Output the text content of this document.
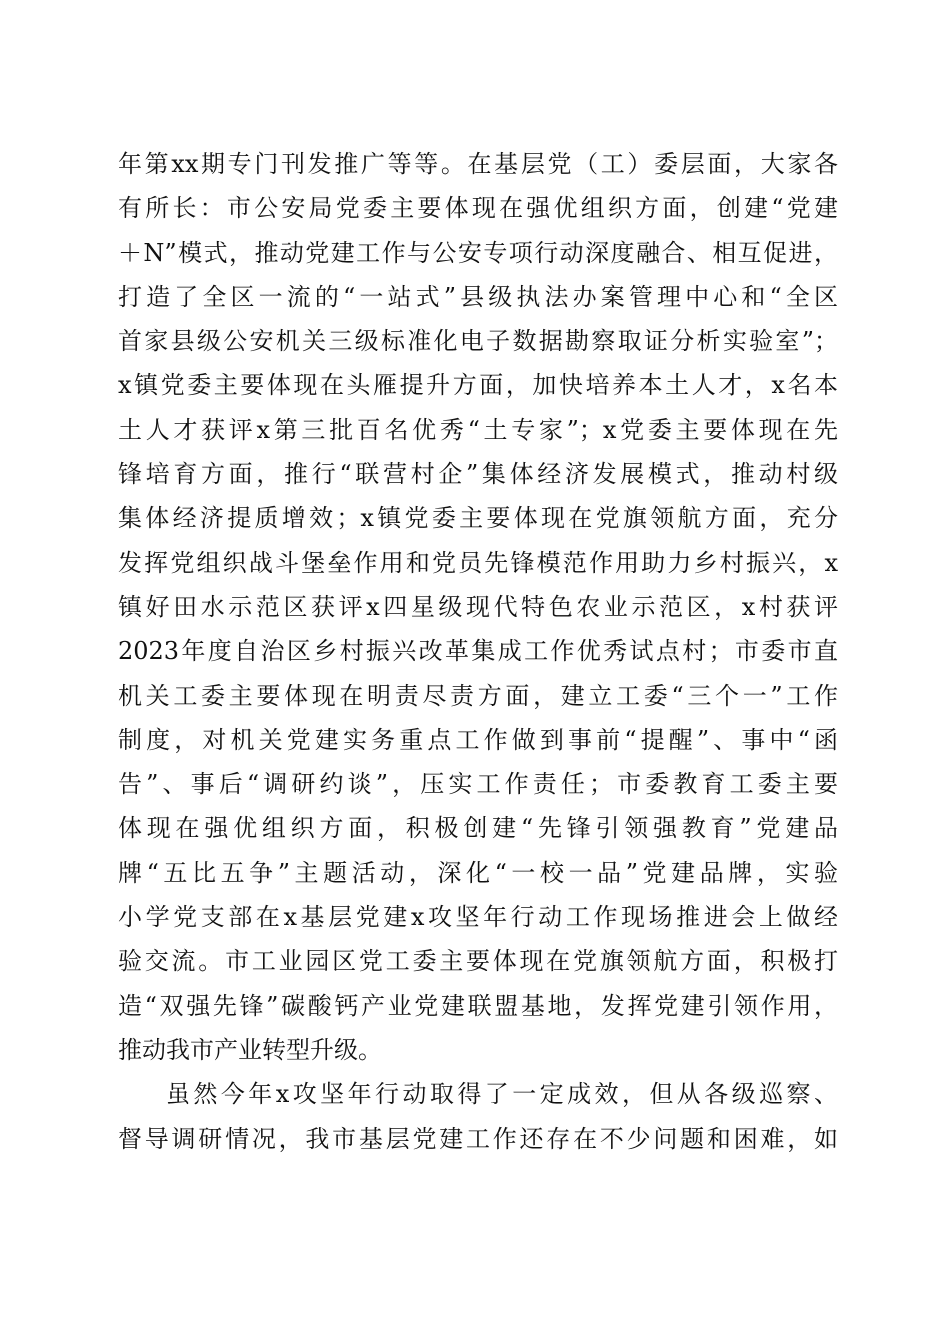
年第xx期专门刊发推广等等。在基层党（工）委层面，大家各
有所长：市公安局党委主要体现在强优组织方面，创建“党建
＋N”模式，推动党建工作与公安专项行动深度融合、相互促进，
打造了全区一流的“一站式”县级执法办案管理中心和“全区
首家县级公安机关三级标准化电子数据勘察取证分析实验室”；
x镇党委主要体现在头雁提升方面，加快培养本土人才，x名本
土人才获评x第三批百名优秀“土专家”；x党委主要体现在先
锋培育方面，推行“联营村企”集体经济发展模式，推动村级
集体经济提质增效；x镇党委主要体现在党旗领航方面，充分
发挥党组织战斗堡垒作用和党员先锋模范作用助力乡村振兴，x
镇好田水示范区获评x四星级现代特色农业示范区，x村获评
2023年度自治区乡村振兴改革集成工作优秀试点村；市委市直
机关工委主要体现在明责尽责方面，建立工委“三个一”工作
制度，对机关党建实务重点工作做到事前“提醒”、事中“函
告”、事后“调研约谈”，压实工作责任；市委教育工委主要
体现在强优组织方面，积极创建“先锋引领强教育”党建品
牌“五比五争”主题活动，深化“一校一品”党建品牌，实验
小学党支部在x基层党建x攻坚年行动工作现场推进会上做经
验交流。市工业园区党工委主要体现在党旗领航方面，积极打
造“双强先锋”碳酸钙产业党建联盟基地，发挥党建引领作用，
推动我市产业转型升级。
虽然今年x攻坚年行动取得了一定成效，但从各级巡察、
督导调研情况，我市基层党建工作还存在不少问题和困难，如
